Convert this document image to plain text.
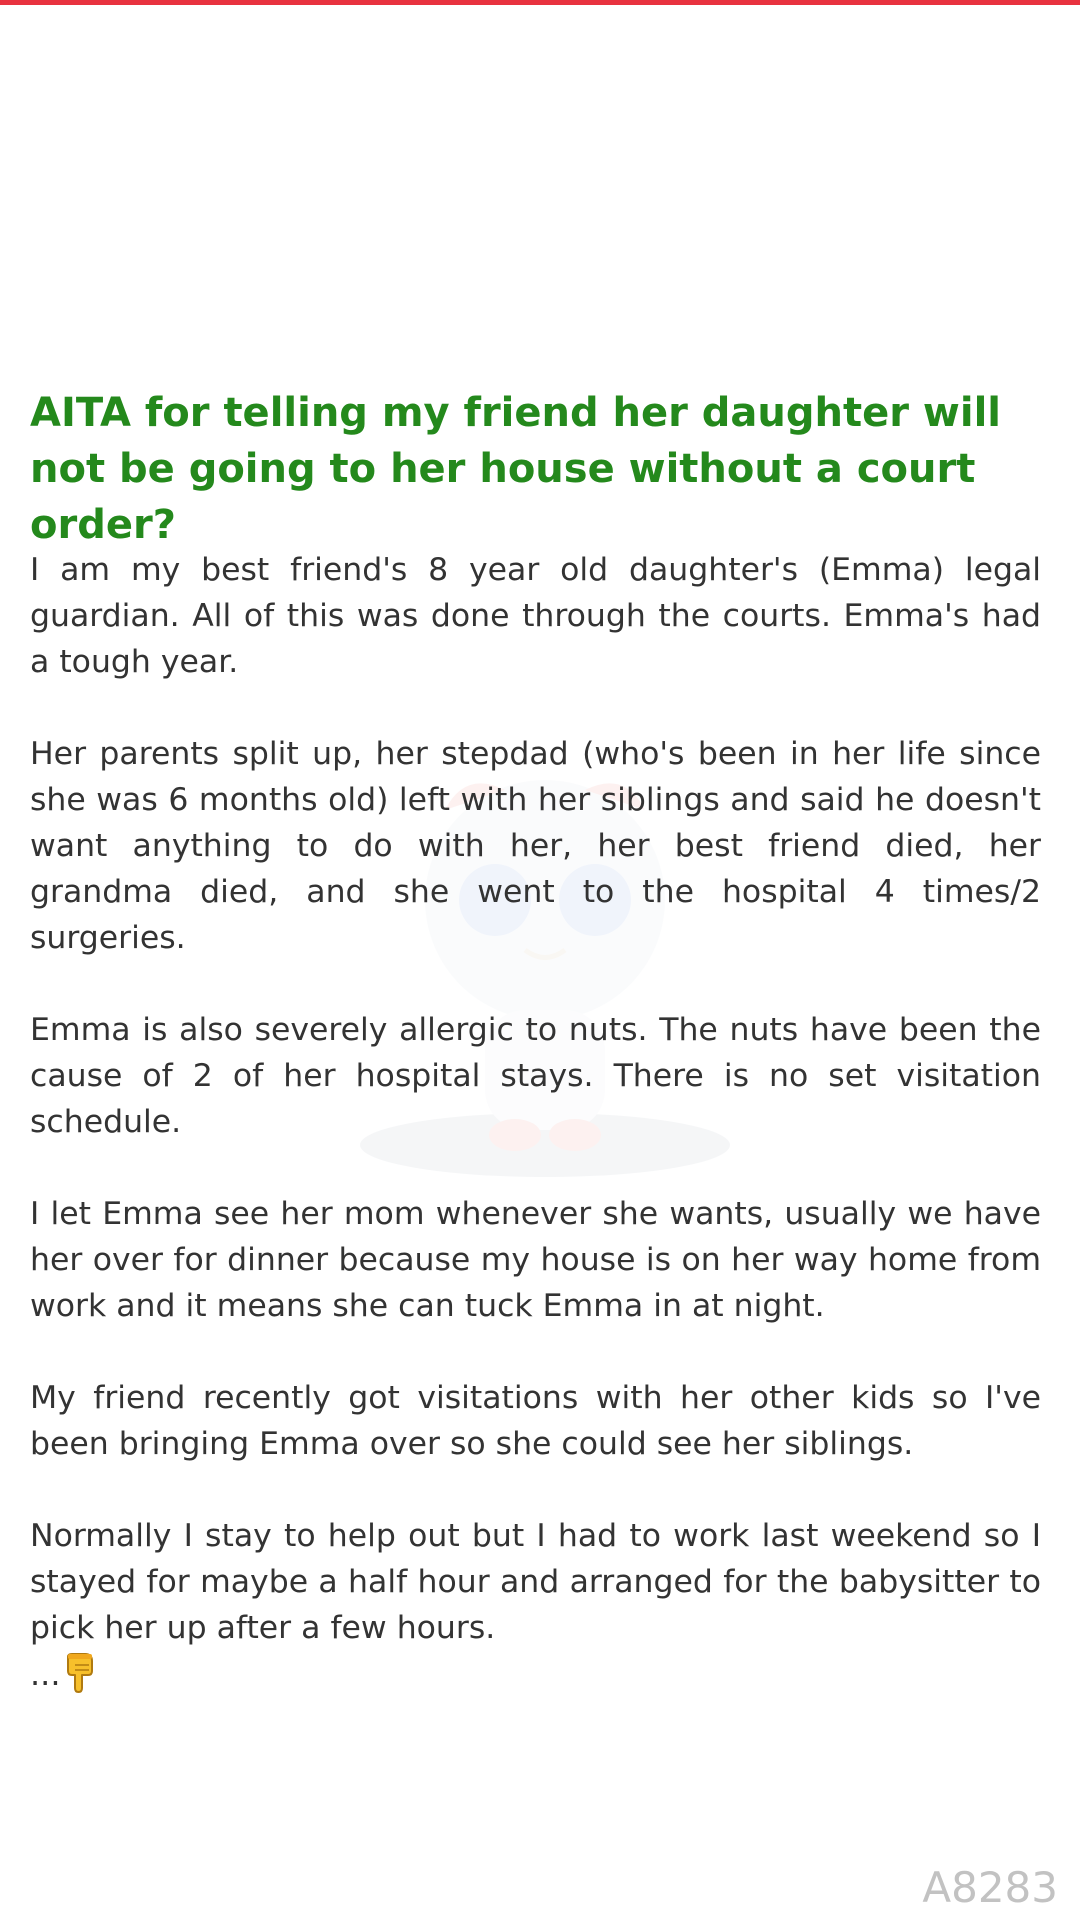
AITA for telling my friend her daughter will not be going to her house without a court order?

I am my best friend's 8 year old daughter's (Emma) legal guardian. All of this was done through the courts. Emma's had a tough year.

Her parents split up, her stepdad (who's been in her life since she was 6 months old) left with her siblings and said he doesn't want anything to do with her, her best friend died, her grandma died, and she went to the hospital 4 times/2 surgeries.

Emma is also severely allergic to nuts. The nuts have been the cause of 2 of her hospital stays. There is no set visitation schedule.

I let Emma see her mom whenever she wants, usually we have her over for dinner because my house is on her way home from work and it means she can tuck Emma in at night.

My friend recently got visitations with her other kids so I've been bringing Emma over so she could see her siblings.

Normally I stay to help out but I had to work last weekend so I stayed for maybe a half hour and arranged for the babysitter to pick her up after a few hours.

...

A8283
